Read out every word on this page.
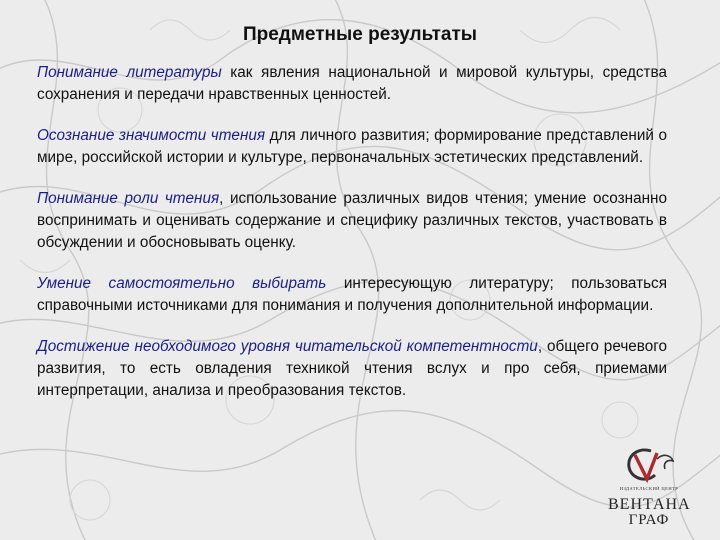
Предметные результаты

Понимание литературы как явления национальной и мировой культуры, средства сохранения и передачи нравственных ценностей.

Осознание значимости чтения для личного развития; формирование представлений о мире, российской истории и культуре, первоначальных эстетических представлений.

Понимание роли чтения, использование различных видов чтения; умение осознанно воспринимать и оценивать содержание и специфику различных текстов, участвовать в обсуждении и обосновывать оценку.

Умение самостоятельно выбирать интересующую литературу; пользоваться справочными источниками для понимания и получения дополнительной информации.

Достижение необходимого уровня читательской компетентности, общего речевого развития, то есть овладения техникой чтения вслух и про себя, приемами интерпретации, анализа и преобразования текстов.

ИЗДАТЕЛЬСКИЙ ЦЕНТР
ВЕНТАНА
ГРАФ
